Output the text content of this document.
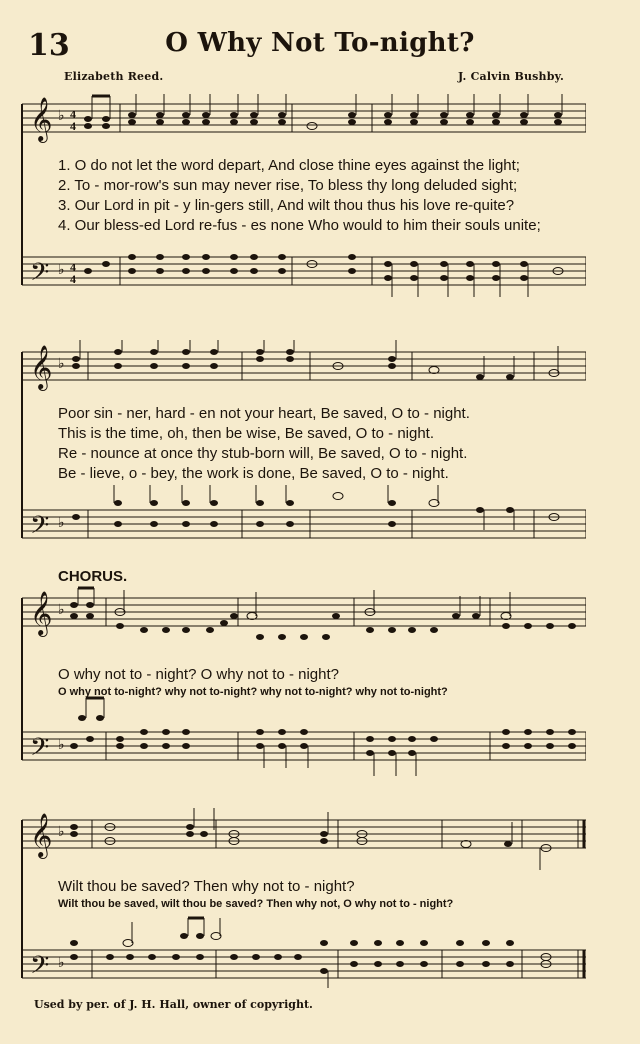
13	O Why Not To-night?
Elizabeth Reed.	J. Calvin Bushby.
𝄞
𝄢
♭ 4
4
♭ 4
4
1. O do not let the word depart, And close thine eyes against the light;
2. To - mor-row's sun may never rise, To bless thy long deluded sight;
3. Our Lord in pit - y lin-gers still, And wilt thou thus his love re-quite?
4. Our bless-ed Lord re-fus - es none Who would to him their souls unite;
𝄞
𝄢
♭
♭
Poor sin - ner, hard - en not your heart, Be saved, O to - night.
This is the time, oh, then be wise, Be saved, O to - night.
Re - nounce at once thy stub-born will, Be saved, O to - night.
Be - lieve, o - bey, the work is done, Be saved, O to - night.
CHORUS.
𝄞
𝄢
♭
♭
O why not to - night? O why not to - night?
O why not to-night? why not to-night? why not to-night? why not to-night?
𝄞
𝄢
♭
♭
Wilt thou be saved? Then why not to - night?
Wilt thou be saved, wilt thou be saved? Then why not, O why not to - night?
Used by per. of J. H. Hall, owner of copyright.
